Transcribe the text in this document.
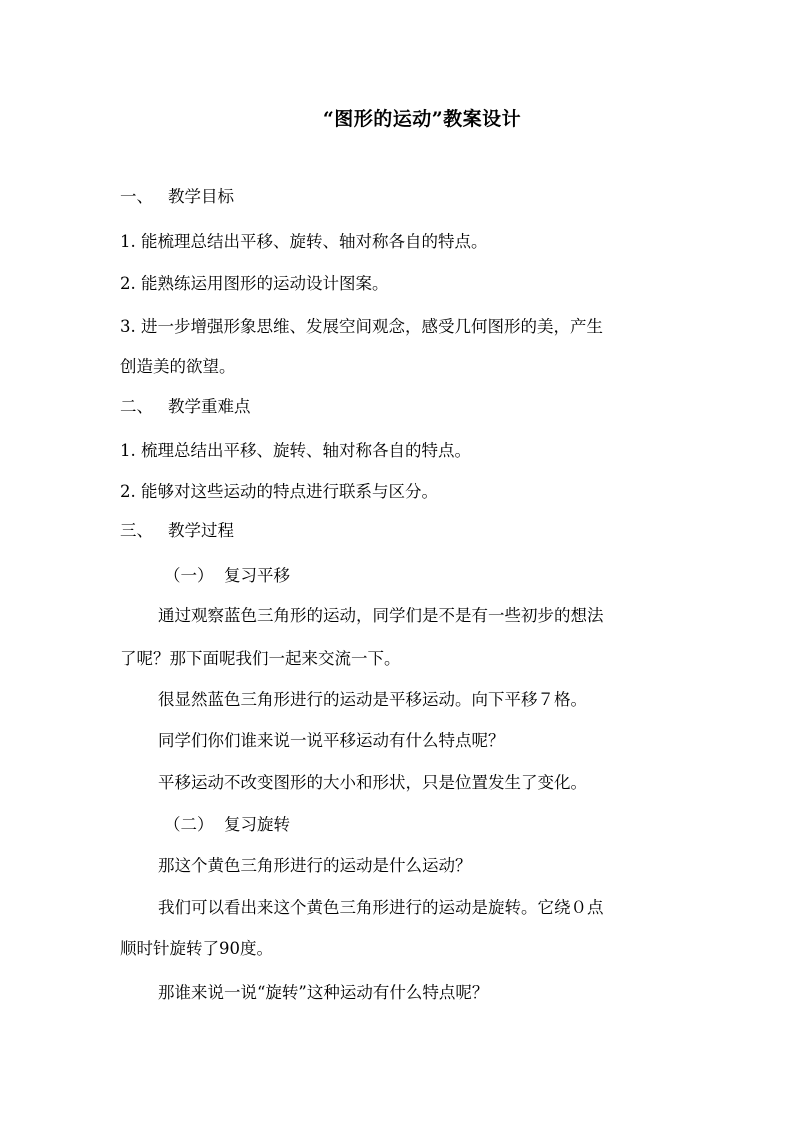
“图形的运动”教案设计
一、 教学目标
1. 能梳理总结出平移、旋转、轴对称各自的特点。
2. 能熟练运用图形的运动设计图案。
3. 进一步增强形象思维、发展空间观念，感受几何图形的美，产生
创造美的欲望。
二、 教学重难点
1. 梳理总结出平移、旋转、轴对称各自的特点。
2. 能够对这些运动的特点进行联系与区分。
三、 教学过程
（一） 复习平移
通过观察蓝色三角形的运动，同学们是不是有一些初步的想法
了呢？那下面呢我们一起来交流一下。
很显然蓝色三角形进行的运动是平移运动。向下平移７格。
同学们你们谁来说一说平移运动有什么特点呢？
平移运动不改变图形的大小和形状，只是位置发生了变化。
（二） 复习旋转
那这个黄色三角形进行的运动是什么运动？
我们可以看出来这个黄色三角形进行的运动是旋转。它绕０点
顺时针旋转了90度。
那谁来说一说“旋转”这种运动有什么特点呢？
